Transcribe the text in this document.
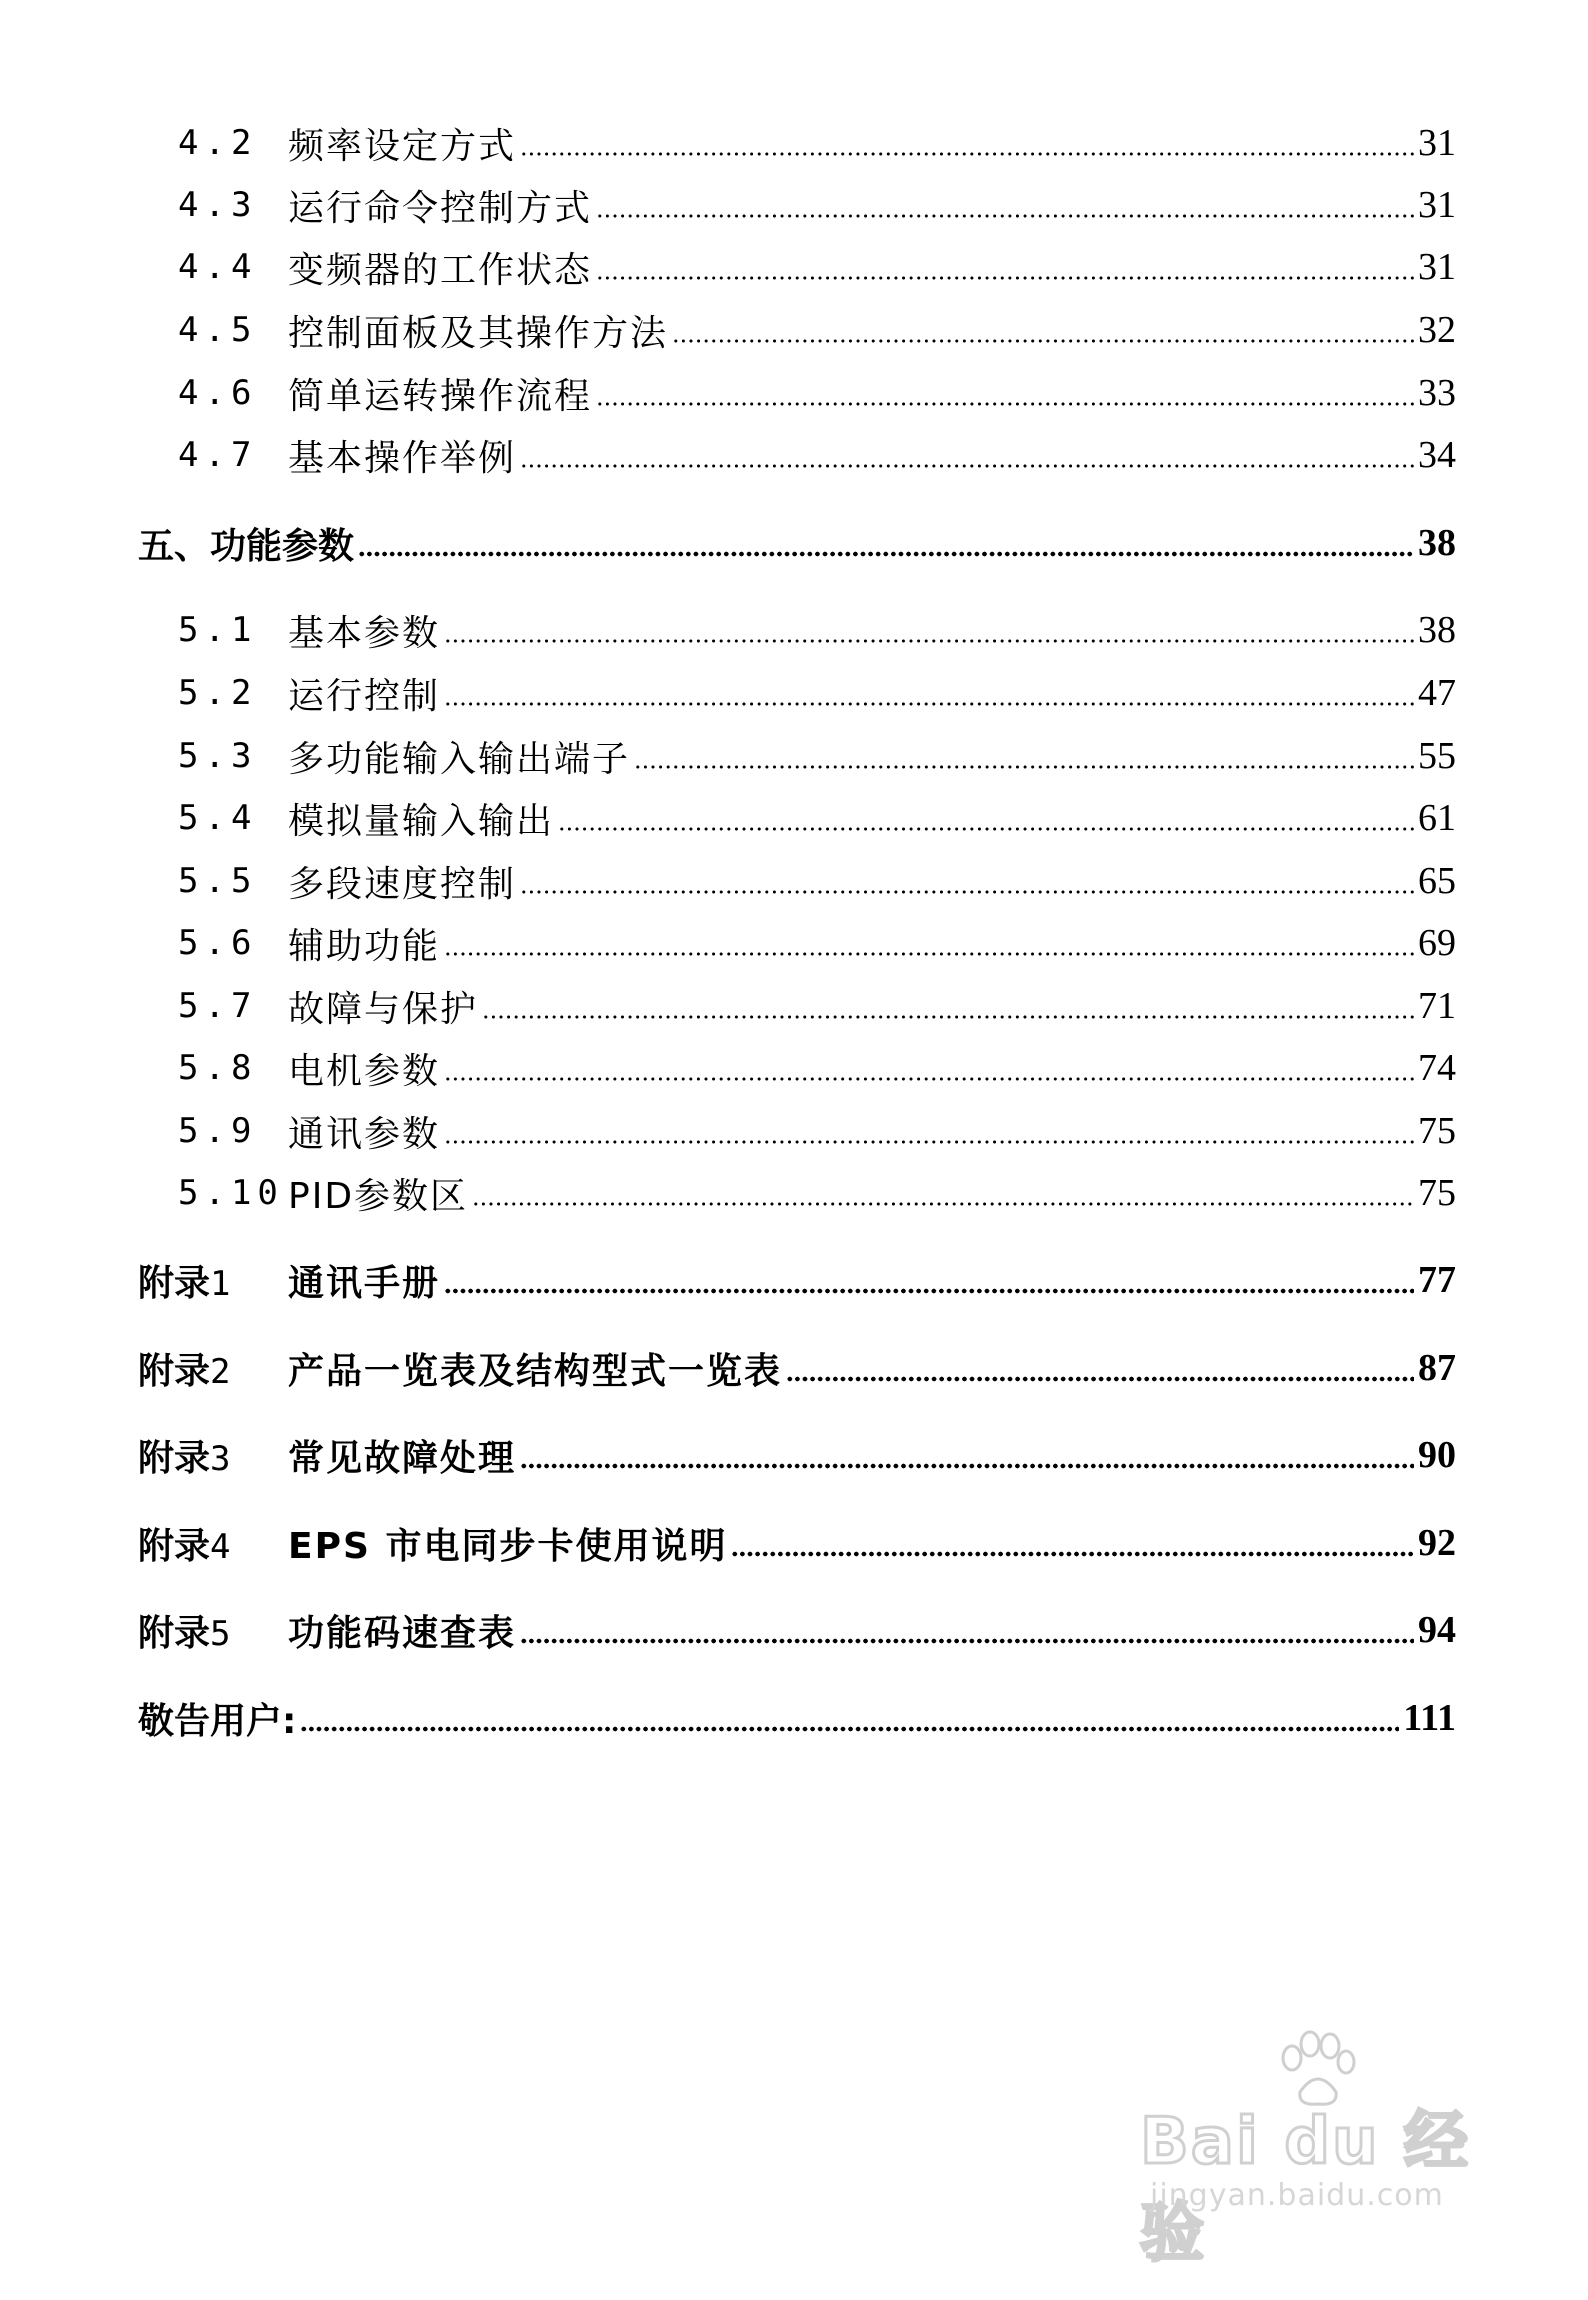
4.2 频率设定方式	31
4.3 运行命令控制方式	31
4.4 变频器的工作状态	31
4.5 控制面板及其操作方法	32
4.6 简单运转操作流程	33
4.7 基本操作举例	34
五、功能参数	38
5.1 基本参数	38
5.2 运行控制	47
5.3 多功能输入输出端子	55
5.4 模拟量输入输出	61
5.5 多段速度控制	65
5.6 辅助功能	69
5.7 故障与保护	71
5.8 电机参数	74
5.9 通讯参数	75
5.10 PID参数区	75
附录1	通讯手册	77
附录2	产品一览表及结构型式一览表	87
附录3	常见故障处理	90
附录4	EPS 市电同步卡使用说明	92
附录5	功能码速查表	94
敬告用户:	111
Bai du 经验
jingyan.baidu.com
